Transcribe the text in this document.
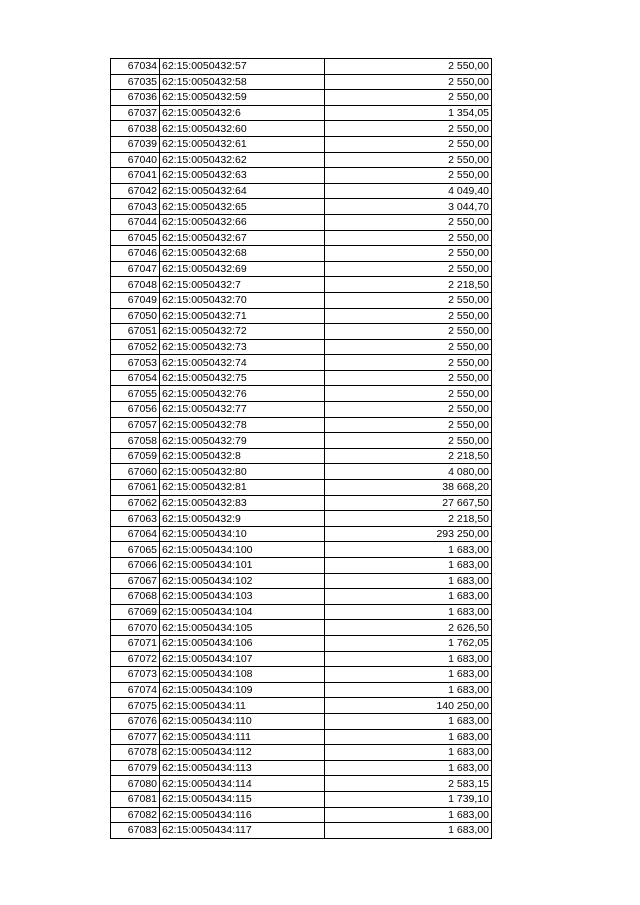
67034	62:15:0050432:57	2 550,00
67035	62:15:0050432:58	2 550,00
67036	62:15:0050432:59	2 550,00
67037	62:15:0050432:6	1 354,05
67038	62:15:0050432:60	2 550,00
67039	62:15:0050432:61	2 550,00
67040	62:15:0050432:62	2 550,00
67041	62:15:0050432:63	2 550,00
67042	62:15:0050432:64	4 049,40
67043	62:15:0050432:65	3 044,70
67044	62:15:0050432:66	2 550,00
67045	62:15:0050432:67	2 550,00
67046	62:15:0050432:68	2 550,00
67047	62:15:0050432:69	2 550,00
67048	62:15:0050432:7	2 218,50
67049	62:15:0050432:70	2 550,00
67050	62:15:0050432:71	2 550,00
67051	62:15:0050432:72	2 550,00
67052	62:15:0050432:73	2 550,00
67053	62:15:0050432:74	2 550,00
67054	62:15:0050432:75	2 550,00
67055	62:15:0050432:76	2 550,00
67056	62:15:0050432:77	2 550,00
67057	62:15:0050432:78	2 550,00
67058	62:15:0050432:79	2 550,00
67059	62:15:0050432:8	2 218,50
67060	62:15:0050432:80	4 080,00
67061	62:15:0050432:81	38 668,20
67062	62:15:0050432:83	27 667,50
67063	62:15:0050432:9	2 218,50
67064	62:15:0050434:10	293 250,00
67065	62:15:0050434:100	1 683,00
67066	62:15:0050434:101	1 683,00
67067	62:15:0050434:102	1 683,00
67068	62:15:0050434:103	1 683,00
67069	62:15:0050434:104	1 683,00
67070	62:15:0050434:105	2 626,50
67071	62:15:0050434:106	1 762,05
67072	62:15:0050434:107	1 683,00
67073	62:15:0050434:108	1 683,00
67074	62:15:0050434:109	1 683,00
67075	62:15:0050434:11	140 250,00
67076	62:15:0050434:110	1 683,00
67077	62:15:0050434:111	1 683,00
67078	62:15:0050434:112	1 683,00
67079	62:15:0050434:113	1 683,00
67080	62:15:0050434:114	2 583,15
67081	62:15:0050434:115	1 739,10
67082	62:15:0050434:116	1 683,00
67083	62:15:0050434:117	1 683,00
